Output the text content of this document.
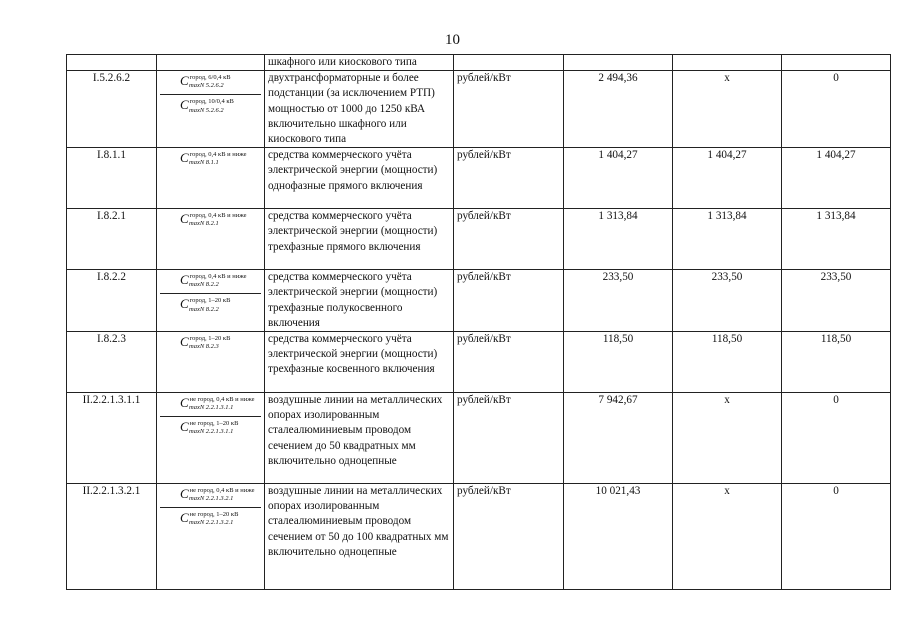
10
		шкафного или киоскового типа				
I.5.2.6.2	$C^{город, 6/0,4 кВ}$
maxN 5.2.6.2
$C^{город, 10/0,4 кВ}$
maxN 5.2.6.2	двухтрансформаторные и более подстанции (за исключением РТП) мощностью от 1000 до 1250 кВА включительно шкафного или киоскового типа	рублей/кВт	2 494,36	х	0
I.8.1.1	$C^{город, 0,4 кВ и ниже}$
maxN 8.1.1	средства коммерческого учёта электрической энергии (мощности) однофазные прямого включения	рублей/кВт	1 404,27	1 404,27	1 404,27
I.8.2.1	$C^{город, 0,4 кВ и ниже}$
maxN 8.2.1	средства коммерческого учёта электрической энергии (мощности) трехфазные прямого включения	рублей/кВт	1 313,84	1 313,84	1 313,84
I.8.2.2	$C^{город, 0,4 кВ и ниже}$
maxN 8.2.2
$C^{город, 1-20 кВ}$
maxN 8.2.2	средства коммерческого учёта электрической энергии (мощности) трехфазные полукосвенного включения	рублей/кВт	233,50	233,50	233,50
I.8.2.3	$C^{город, 1-20 кВ}$
maxN 8.2.3	средства коммерческого учёта электрической энергии (мощности) трехфазные косвенного включения	рублей/кВт	118,50	118,50	118,50
II.2.2.1.3.1.1	$C^{не город, 0,4 кВ и ниже}$
maxN 2.2.1.3.1.1
$C^{не город, 1-20 кВ}$
maxN 2.2.1.3.1.1	воздушные линии на металлических опорах изолированным сталеалюминиевым проводом сечением до 50 квадратных мм включительно одноцепные	рублей/кВт	7 942,67	х	0
II.2.2.1.3.2.1	$C^{не город, 0,4 кВ и ниже}$
maxN 2.2.1.3.2.1
$C^{не город, 1-20 кВ}$
maxN 2.2.1.3.2.1	воздушные линии на металлических опорах изолированным сталеалюминиевым проводом сечением от 50 до 100 квадратных мм включительно одноцепные	рублей/кВт	10 021,43	х	0
